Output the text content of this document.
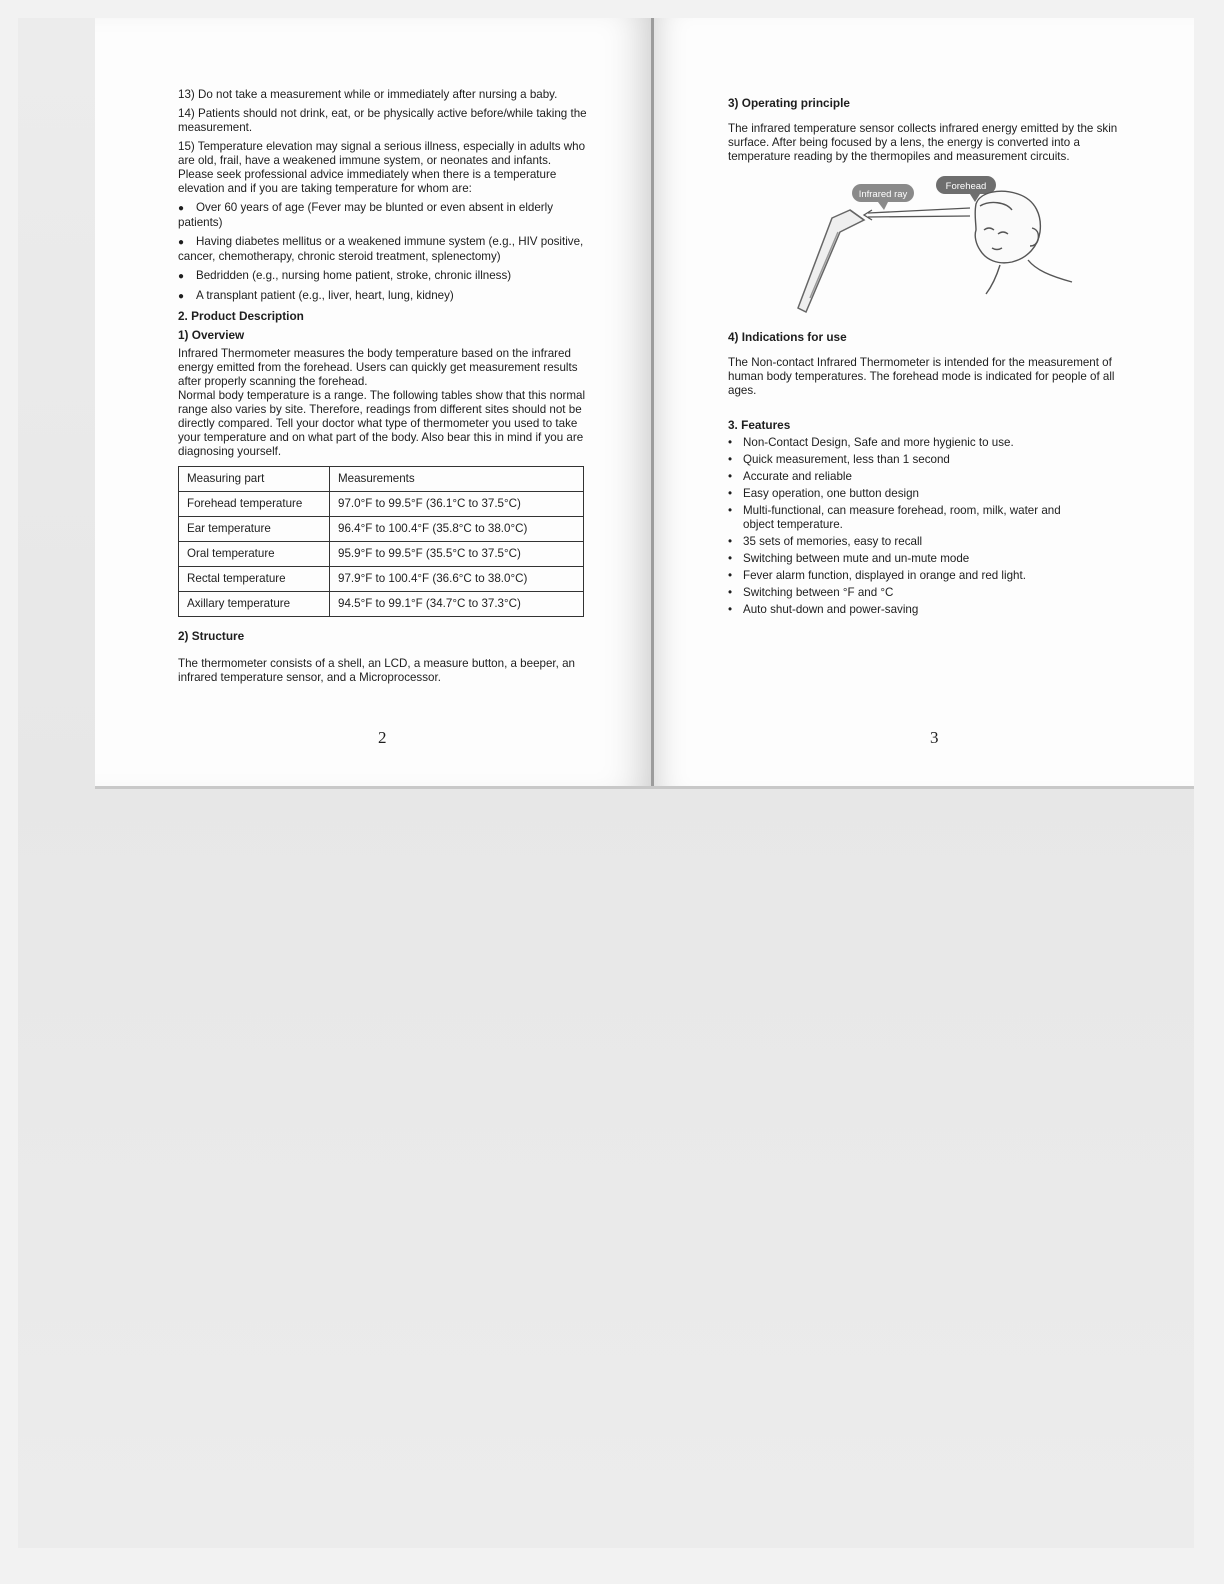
13) Do not take a measurement while or immediately after nursing a baby.

14) Patients should not drink, eat, or be physically active before/while taking the measurement.

15) Temperature elevation may signal a serious illness, especially in adults who are old, frail, have a weakened immune system, or neonates and infants. Please seek professional advice immediately when there is a temperature elevation and if you are taking temperature for whom are:

● Over 60 years of age (Fever may be blunted or even absent in elderly patients)
● Having diabetes mellitus or a weakened immune system (e.g., HIV positive, cancer, chemotherapy, chronic steroid treatment, splenectomy)
● Bedridden (e.g., nursing home patient, stroke, chronic illness)
● A transplant patient (e.g., liver, heart, lung, kidney)
2. Product Description
1) Overview

Infrared Thermometer measures the body temperature based on the infrared energy emitted from the forehead. Users can quickly get measurement results after properly scanning the forehead.

Normal body temperature is a range. The following tables show that this normal range also varies by site. Therefore, readings from different sites should not be directly compared. Tell your doctor what type of thermometer you used to take your temperature and on what part of the body. Also bear this in mind if you are diagnosing yourself.

Measuring part	Measurements
Forehead temperature	97.0°F to 99.5°F (36.1°C to 37.5°C)
Ear temperature	96.4°F to 100.4°F (35.8°C to 38.0°C)
Oral temperature	95.9°F to 99.5°F (35.5°C to 37.5°C)
Rectal temperature	97.9°F to 100.4°F (36.6°C to 38.0°C)
Axillary temperature	94.5°F to 99.1°F (34.7°C to 37.3°C)
2) Structure

The thermometer consists of a shell, an LCD, a measure button, a beeper, an infrared temperature sensor, and a Microprocessor.

2
3) Operating principle

The infrared temperature sensor collects infrared energy emitted by the skin surface. After being focused by a lens, the energy is converted into a temperature reading by the thermopiles and measurement circuits.

Infrared ray
Forehead
4) Indications for use

The Non-contact Infrared Thermometer is intended for the measurement of human body temperatures. The forehead mode is indicated for people of all ages.

3. Features
• Non-Contact Design, Safe and more hygienic to use.
• Quick measurement, less than 1 second
• Accurate and reliable
• Easy operation, one button design
• Multi-functional, can measure forehead, room, milk, water and object temperature.
• 35 sets of memories, easy to recall
• Switching between mute and un-mute mode
• Fever alarm function, displayed in orange and red light.
• Switching between °F and °C
• Auto shut-down and power-saving
3
